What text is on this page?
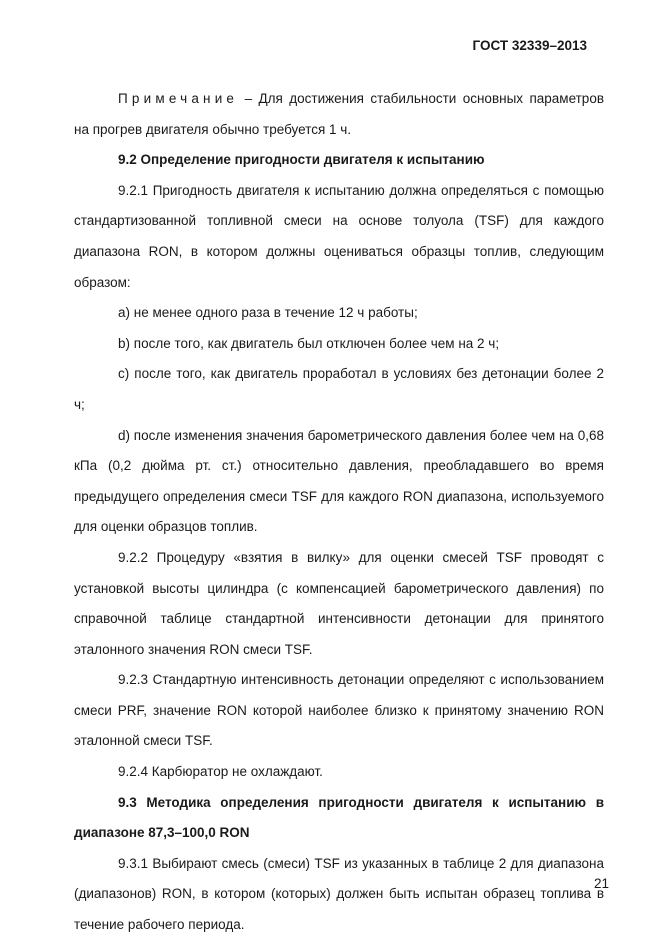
ГОСТ 32339–2013

Примечание – Для достижения стабильности основных параметров на прогрев двигателя обычно требуется 1 ч.

9.2 Определение пригодности двигателя к испытанию

9.2.1 Пригодность двигателя к испытанию должна определяться с помощью стандартизованной топливной смеси на основе толуола (TSF) для каждого диапазона RON, в котором должны оцениваться образцы топлив, следующим образом:

а) не менее одного раза в течение 12 ч работы;

b) после того, как двигатель был отключен более чем на 2 ч;

с) после того, как двигатель проработал в условиях без детонации более 2 ч;

d) после изменения значения барометрического давления более чем на 0,68 кПа (0,2 дюйма рт. ст.) относительно давления, преобладавшего во время предыдущего определения смеси TSF для каждого RON диапазона, используемого для оценки образцов топлив.

9.2.2 Процедуру «взятия в вилку» для оценки смесей TSF проводят с установкой высоты цилиндра (с компенсацией барометрического давления) по справочной таблице стандартной интенсивности детонации для принятого эталонного значения RON смеси TSF.

9.2.3 Стандартную интенсивность детонации определяют с использованием смеси PRF, значение RON которой наиболее близко к принятому значению RON эталонной смеси TSF.

9.2.4 Карбюратор не охлаждают.

9.3 Методика определения пригодности двигателя к испытанию в диапазоне 87,3–100,0 RON

9.3.1 Выбирают смесь (смеси) TSF из указанных в таблице 2 для диапазона (диапазонов) RON, в котором (которых) должен быть испытан образец топлива в течение рабочего периода.

21
